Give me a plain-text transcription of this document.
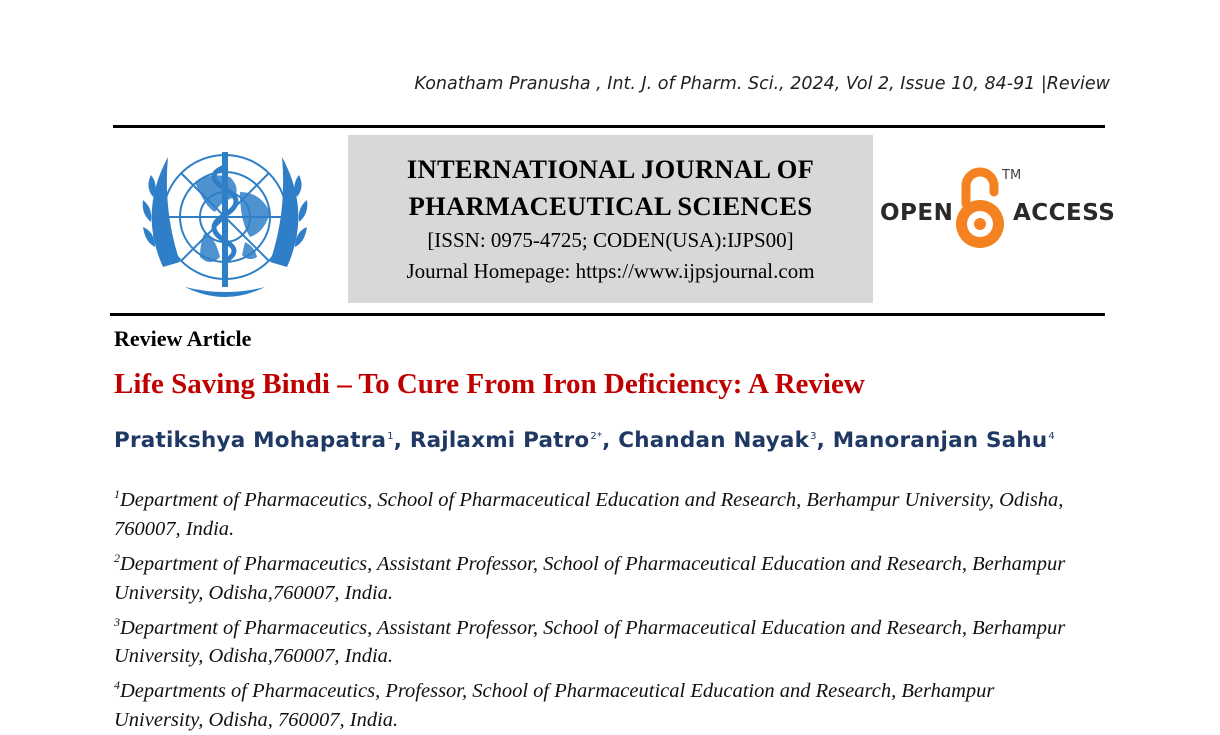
Konatham Pranusha , Int. J. of Pharm. Sci., 2024, Vol 2, Issue 10, 84-91 |Review
INTERNATIONAL JOURNAL OF
PHARMACEUTICAL SCIENCES
[ISSN: 0975-4725; CODEN(USA):IJPS00]
Journal Homepage: https://www.ijpsjournal.com
OPEN
TM
ACCESS
Review Article
Life Saving Bindi – To Cure From Iron Deficiency: A Review
Pratikshya Mohapatra$^1$, Rajlaxmi Patro$^{2*}$, Chandan Nayak$^3$, Manoranjan Sahu$^4$

$^1$Department of Pharmaceutics, School of Pharmaceutical Education and Research, Berhampur University, Odisha, 760007, India.

$^2$Department of Pharmaceutics, Assistant Professor, School of Pharmaceutical Education and Research, Berhampur University, Odisha,760007, India.

$^3$Department of Pharmaceutics, Assistant Professor, School of Pharmaceutical Education and Research, Berhampur University, Odisha,760007, India.

$^4$Departments of Pharmaceutics, Professor, School of Pharmaceutical Education and Research, Berhampur University, Odisha, 760007, India.
